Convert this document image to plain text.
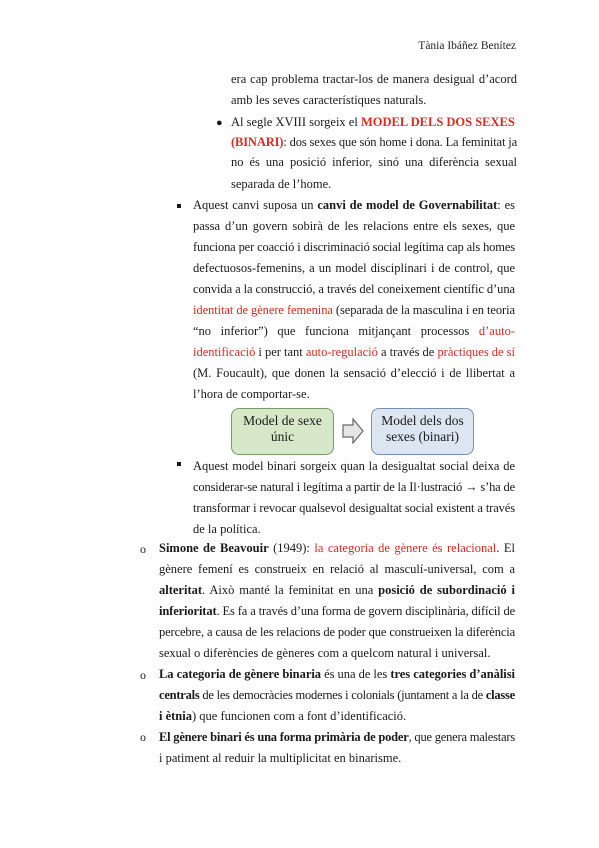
Tània Ibáñez Benítez
era cap problema tractar-los de manera desigual d’acord
amb les seves característiques naturals.
Al segle XVIII sorgeix el MODEL DELS DOS SEXES
(BINARI): dos sexes que són home i dona. La feminitat ja
no és una posició inferior, sinó una diferència sexual
separada de l’home.
Aquest canvi suposa un canvi de model de Governabilitat: es
passa d’un govern sobirà de les relacions entre els sexes, que
funciona per coacció i discriminació social legítima cap als homes
defectuosos-femenins, a un model disciplinari i de control, que
convida a la construcció, a través del coneixement científic d’una
identitat de gènere femenina (separada de la masculina i en teoria
“no inferior”) que funciona mitjançant processos d’auto-
identificació i per tant auto-regulació a través de pràctiques de sí
(M. Foucault), que donen la sensació d’elecció i de llibertat a
l’hora de comportar-se.
Aquest model binari sorgeix quan la desigualtat social deixa de
considerar-se natural i legítima a partir de la Il·lustració → s’ha de
transformar i revocar qualsevol desigualtat social existent a través
de la política.
Simone de Beavouir (1949): la categoria de gènere és relacional. El
gènere femení es construeix en relació al masculí-universal, com a
alteritat. Això manté la feminitat en una posició de subordinació i
inferioritat. Es fa a través d’una forma de govern disciplinària, difícil de
percebre, a causa de les relacions de poder que construeixen la diferència
sexual o diferències de gèneres com a quelcom natural i universal.
La categoria de gènere binaria és una de les tres categories d’anàlisi
centrals de les democràcies modernes i colonials (juntament a la de classe
i ètnia) que funcionen com a font d’identificació.
El gènere binari és una forma primària de poder, que genera malestars
i patiment al reduir la multiplicitat en binarisme.
●
o
o
o
Model de sexe únic
Model dels dos sexes (binari)
